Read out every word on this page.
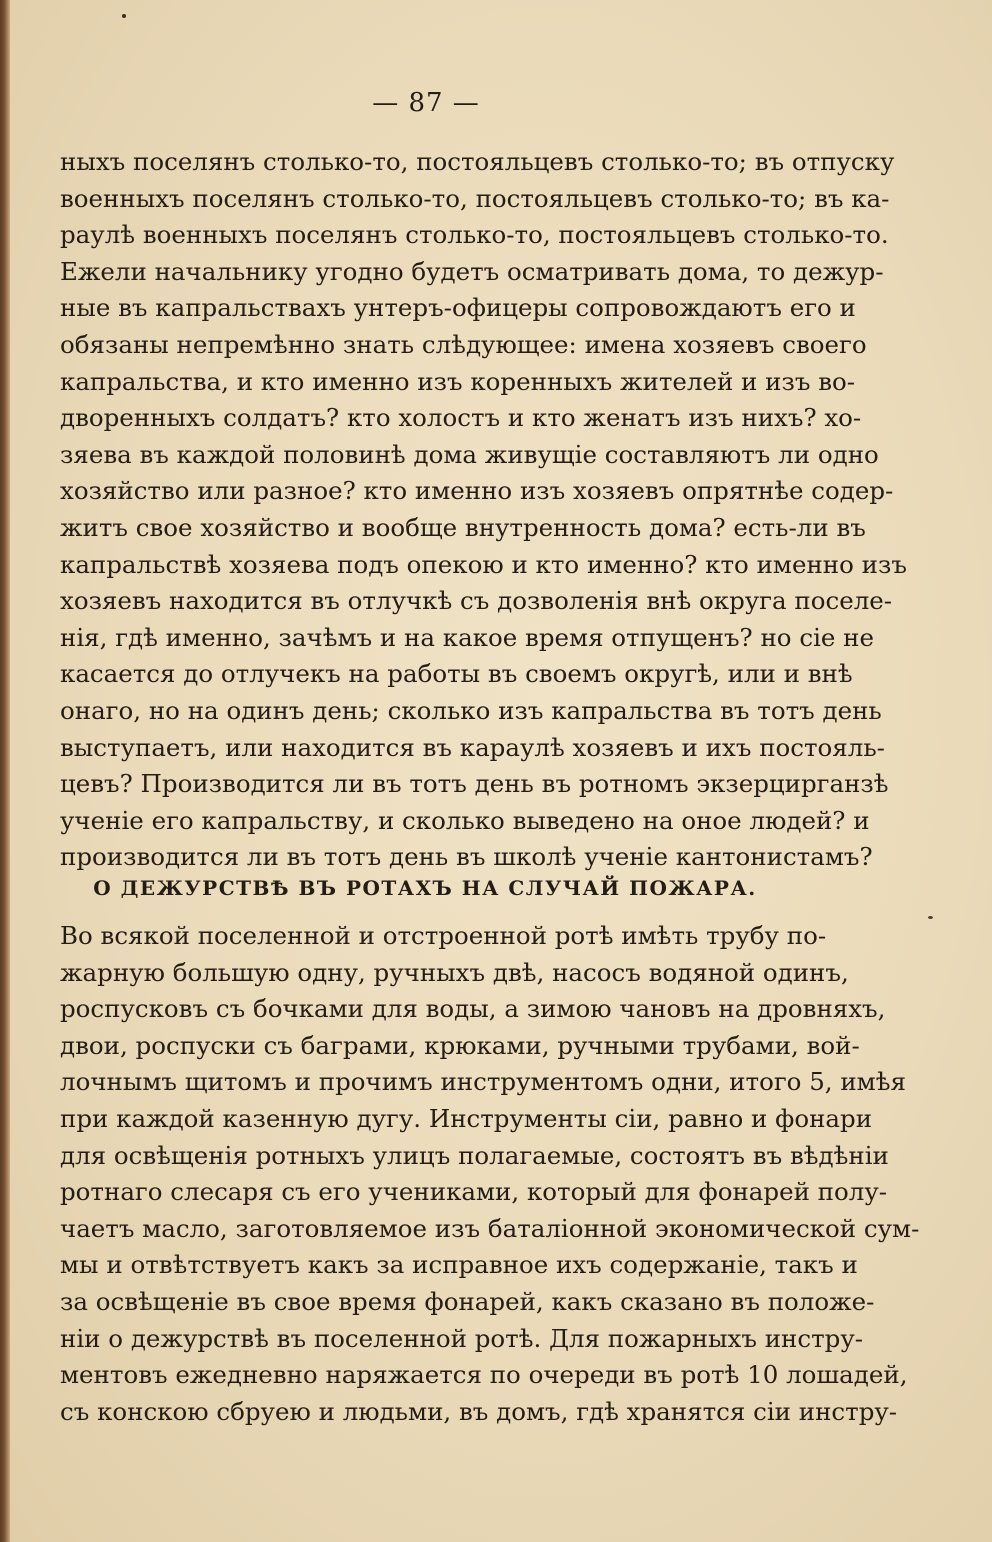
— 87 —
ныхъ поселянъ столько-то, постояльцевъ столько-то; въ отпуску
военныхъ поселянъ столько-то, постояльцевъ столько-то; въ ка-
раулѣ военныхъ поселянъ столько-то, постояльцевъ столько-то.
Ежели начальнику угодно будетъ осматривать дома, то дежур-
ные въ капральствахъ унтеръ-офицеры сопровождаютъ его и
обязаны непремѣнно знать слѣдующее: имена хозяевъ своего
капральства, и кто именно изъ коренныхъ жителей и изъ во-
дворенныхъ солдатъ? кто холостъ и кто женатъ изъ нихъ? хо-
зяева въ каждой половинѣ дома живущіе составляютъ ли одно
хозяйство или разное? кто именно изъ хозяевъ опрятнѣе содер-
житъ свое хозяйство и вообще внутренность дома? есть-ли въ
капральствѣ хозяева подъ опекою и кто именно? кто именно изъ
хозяевъ находится въ отлучкѣ съ дозволенія внѣ округа поселе-
нія, гдѣ именно, зачѣмъ и на какое время отпущенъ? но сіе не
касается до отлучекъ на работы въ своемъ округѣ, или и внѣ
онаго, но на одинъ день; сколько изъ капральства въ тотъ день
выступаетъ, или находится въ караулѣ хозяевъ и ихъ постояль-
цевъ? Производится ли въ тотъ день въ ротномъ экзерцирганзѣ
ученіе его капральству, и сколько выведено на оное людей? и
производится ли въ тотъ день въ школѣ ученіе кантонистамъ?
О ДЕЖУРСТВѢ ВЪ РОТАХЪ НА СЛУЧАЙ ПОЖАРА.
Во всякой поселенной и отстроенной ротѣ имѣть трубу по-
жарную большую одну, ручныхъ двѣ, насосъ водяной одинъ,
роспусковъ съ бочками для воды, а зимою чановъ на дровняхъ,
двои, роспуски съ баграми, крюками, ручными трубами, вой-
лочнымъ щитомъ и прочимъ инструментомъ одни, итого 5, имѣя
при каждой казенную дугу. Инструменты сіи, равно и фонари
для освѣщенія ротныхъ улицъ полагаемые, состоятъ въ вѣдѣніи
ротнаго слесаря съ его учениками, который для фонарей полу-
чаетъ масло, заготовляемое изъ баталіонной экономической сум-
мы и отвѣтствуетъ какъ за исправное ихъ содержаніе, такъ и
за освѣщеніе въ свое время фонарей, какъ сказано въ положе-
ніи о дежурствѣ въ поселенной ротѣ. Для пожарныхъ инстру-
ментовъ ежедневно наряжается по очереди въ ротѣ 10 лошадей,
съ конскою сбруею и людьми, въ домъ, гдѣ хранятся сіи инстру-
